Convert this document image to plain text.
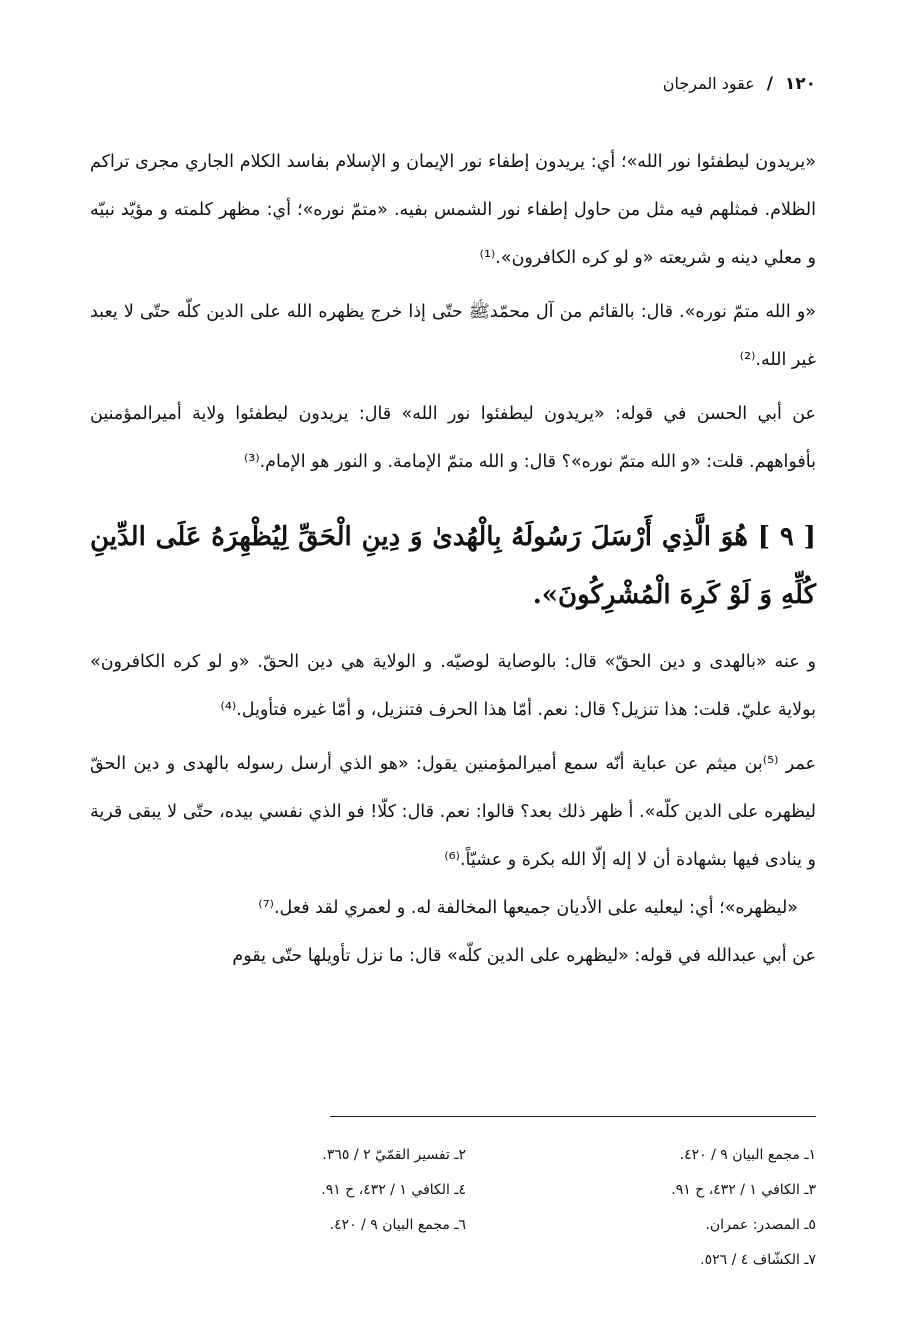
١٢٠ / عقود المرجان

«يريدون ليطفئوا نور الله»؛ أي: يريدون إطفاء نور الإيمان و الإسلام بفاسد الكلام الجاري مجرى تراكم الظلام. فمثلهم فيه مثل من حاول إطفاء نور الشمس بفيه. «متمّ نوره»؛ أي: مظهر كلمته و مؤيّد نبيّه و معلي دينه و شريعته «و لو كره الكافرون».⁽¹⁾

«و الله متمّ نوره». قال: بالقائم من آل محمّدﷺ حتّى إذا خرج يظهره الله على الدين كلّه حتّى لا يعبد غير الله.⁽²⁾

عن أبي الحسن في قوله: «يريدون ليطفئوا نور الله» قال: يريدون ليطفئوا ولاية أميرالمؤمنين بأفواههم. قلت: «و الله متمّ نوره»؟ قال: و الله متمّ الإمامة. و النور هو الإمام.⁽³⁾

[ ٩ ] هُوَ الَّذِي أَرْسَلَ رَسُولَهُ بِالْهُدىٰ وَ دِينِ الْحَقِّ لِيُظْهِرَهُ عَلَى الدِّينِ كُلِّهِ وَ لَوْ كَرِهَ الْمُشْرِكُونَ».

و عنه «بالهدى و دين الحقّ» قال: بالوصاية لوصيّه. و الولاية هي دين الحقّ. «و لو كره الكافرون» بولاية عليّ. قلت: هذا تنزيل؟ قال: نعم. أمّا هذا الحرف فتنزيل، و أمّا غيره فتأويل.⁽⁴⁾

عمر ⁽⁵⁾بن ميثم عن عباية أنّه سمع أميرالمؤمنين يقول: «هو الذي أرسل رسوله بالهدى و دين الحقّ ليظهره على الدين كلّه». أ ظهر ذلك بعد؟ قالوا: نعم. قال: كلّا! فو الذي نفسي بيده، حتّى لا يبقى قرية و ينادى فيها بشهادة أن لا إله إلّا الله بكرة و عشيّاً.⁽⁶⁾

«ليظهره»؛ أي: ليعليه على الأديان جميعها المخالفة له. و لعمري لقد فعل.⁽⁷⁾

عن أبي عبدالله في قوله: «ليظهره على الدين كلّه» قال: ما نزل تأويلها حتّى يقوم

١ـ مجمع البيان ٩ / ٤٢٠.
٢ـ تفسير القمّيّ ٢ / ٣٦٥.
٣ـ الكافي ١ / ٤٣٢، ح ٩١.
٤ـ الكافي ١ / ٤٣٢، ح ٩١.
٥ـ المصدر: عمران.
٦ـ مجمع البيان ٩ / ٤٢٠.
٧ـ الكشّاف ٤ / ٥٢٦.
